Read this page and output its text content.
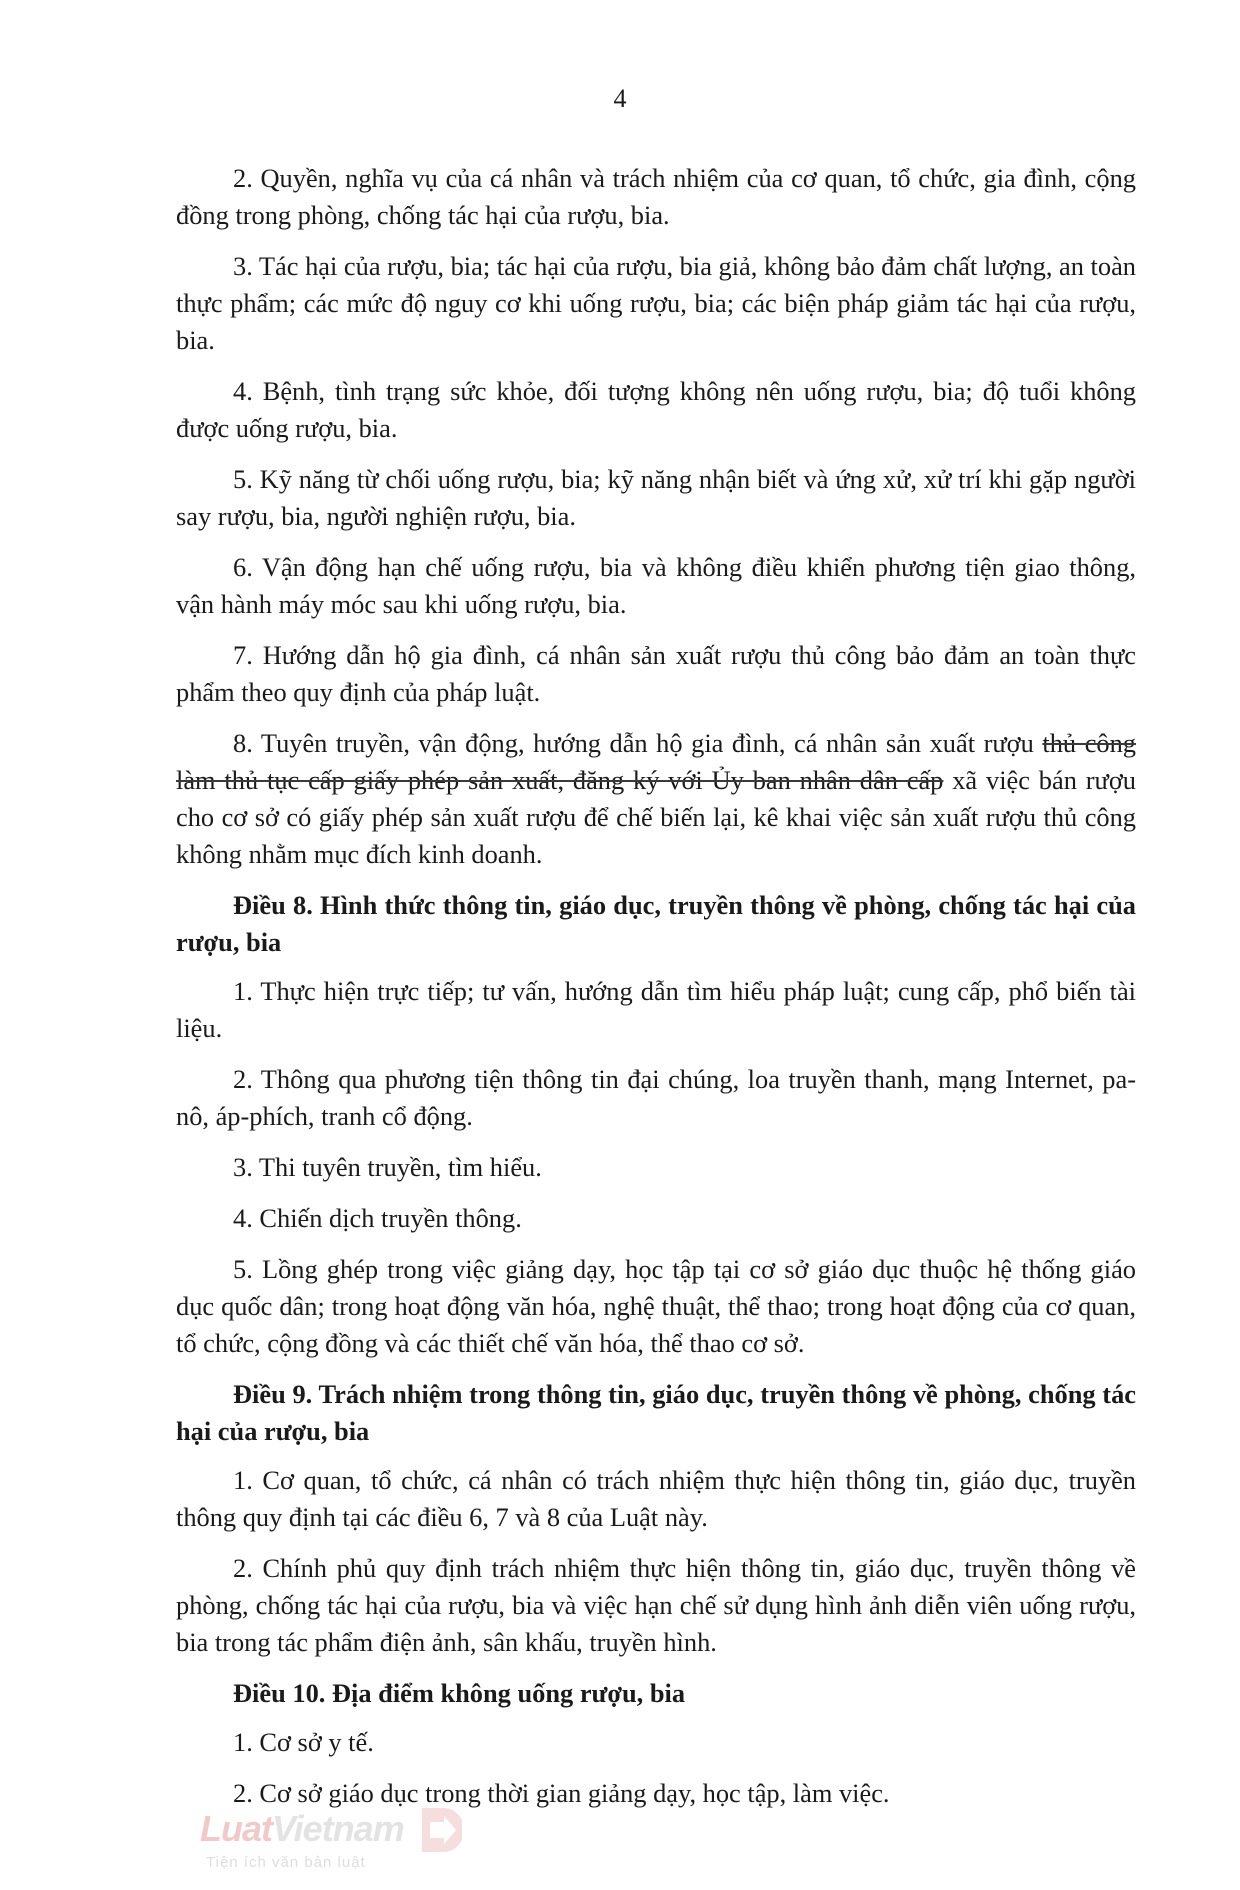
4

2. Quyền, nghĩa vụ của cá nhân và trách nhiệm của cơ quan, tổ chức, gia đình, cộng đồng trong phòng, chống tác hại của rượu, bia.

3. Tác hại của rượu, bia; tác hại của rượu, bia giả, không bảo đảm chất lượng, an toàn thực phẩm; các mức độ nguy cơ khi uống rượu, bia; các biện pháp giảm tác hại của rượu, bia.

4. Bệnh, tình trạng sức khỏe, đối tượng không nên uống rượu, bia; độ tuổi không được uống rượu, bia.

5. Kỹ năng từ chối uống rượu, bia; kỹ năng nhận biết và ứng xử, xử trí khi gặp người say rượu, bia, người nghiện rượu, bia.

6. Vận động hạn chế uống rượu, bia và không điều khiển phương tiện giao thông, vận hành máy móc sau khi uống rượu, bia.

7. Hướng dẫn hộ gia đình, cá nhân sản xuất rượu thủ công bảo đảm an toàn thực phẩm theo quy định của pháp luật.

8. Tuyên truyền, vận động, hướng dẫn hộ gia đình, cá nhân sản xuất rượu thủ công làm thủ tục cấp giấy phép sản xuất, đăng ký với Ủy ban nhân dân cấp xã việc bán rượu cho cơ sở có giấy phép sản xuất rượu để chế biến lại, kê khai việc sản xuất rượu thủ công không nhằm mục đích kinh doanh.

Điều 8. Hình thức thông tin, giáo dục, truyền thông về phòng, chống tác hại của rượu, bia

1. Thực hiện trực tiếp; tư vấn, hướng dẫn tìm hiểu pháp luật; cung cấp, phổ biến tài liệu.

2. Thông qua phương tiện thông tin đại chúng, loa truyền thanh, mạng Internet, pa-nô, áp-phích, tranh cổ động.

3. Thi tuyên truyền, tìm hiểu.

4. Chiến dịch truyền thông.

5. Lồng ghép trong việc giảng dạy, học tập tại cơ sở giáo dục thuộc hệ thống giáo dục quốc dân; trong hoạt động văn hóa, nghệ thuật, thể thao; trong hoạt động của cơ quan, tổ chức, cộng đồng và các thiết chế văn hóa, thể thao cơ sở.

Điều 9. Trách nhiệm trong thông tin, giáo dục, truyền thông về phòng, chống tác hại của rượu, bia

1. Cơ quan, tổ chức, cá nhân có trách nhiệm thực hiện thông tin, giáo dục, truyền thông quy định tại các điều 6, 7 và 8 của Luật này.

2. Chính phủ quy định trách nhiệm thực hiện thông tin, giáo dục, truyền thông về phòng, chống tác hại của rượu, bia và việc hạn chế sử dụng hình ảnh diễn viên uống rượu, bia trong tác phẩm điện ảnh, sân khấu, truyền hình.

Điều 10. Địa điểm không uống rượu, bia

1. Cơ sở y tế.

2. Cơ sở giáo dục trong thời gian giảng dạy, học tập, làm việc.

LuatVietnam
Tiện ích văn bản luật
